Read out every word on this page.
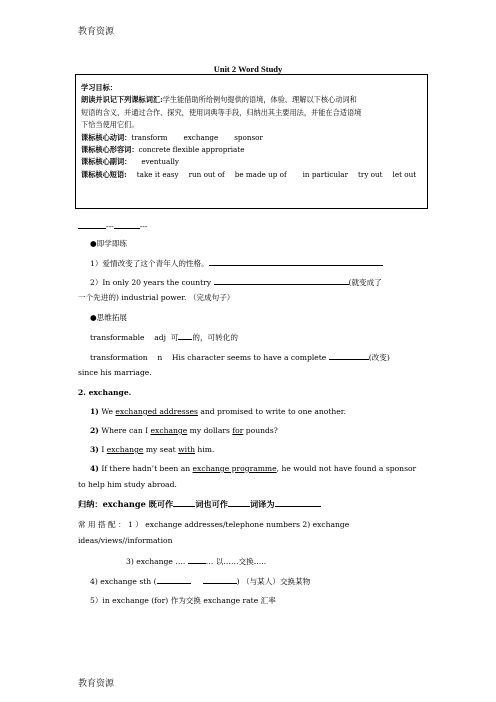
教育资源
Unit 2 Word Study
学习目标：
朗读并识记下列课标词汇:学生能借助所给例句提供的语境，体验、理解以下核心动词和
短语的含义，并通过合作、探究，使用词典等手段，归纳出其主要用法，并能在合适语境
下恰当使用它们。
课标核心动词：transform exchange sponsor
课标核心形容词：concrete flexible appropriate
课标核心副词： eventually
课标核心短语: take it easy run out of be made up of in particular try out let out
---	---
●即学即练
1）爱情改变了这个青年人的性格。
2）In only 20 years the country	(就变成了
一个先进的) industrial power. （完成句子）
●思维拓展
transformable adj 可 的，可转化的
transformation n His character seems to have a complete	(改变)
since his marriage.
2. exchange.
1) We exchanged addresses and promised to write to one another.
2) Where can I exchange my dollars for pounds?
3) I exchange my seat with him.
4) If there hadn’t been an exchange programme, he would not have found a sponsor
to help him study abroad.
归纳：exchange 既可作	词也可作	词译为
常 用 搭 配 ： 1 ） exchange addresses/telephone numbers 2) exchange
ideas/views//information
3) exchange ….	… 以……交换…..
4) exchange sth (	) （与某人）交换某物
5）in exchange (for) 作为交换 exchange rate 汇率
教育资源
